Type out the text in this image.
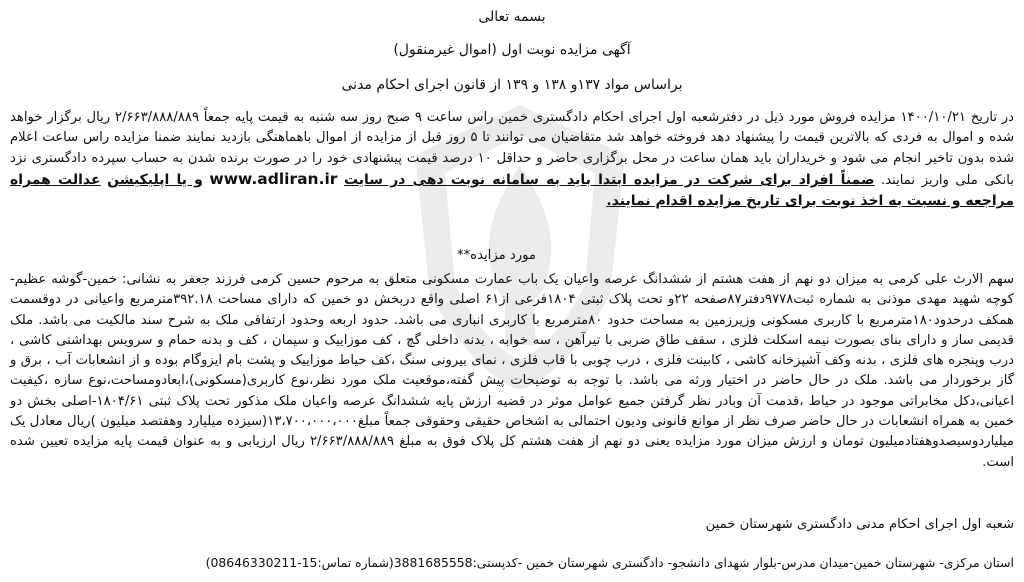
بسمه تعالی
آگهی مزایده نوبت اول (اموال غیرمنقول)
براساس مواد ۱۳۷و ۱۳۸ و ۱۳۹ از قانون اجرای احکام مدنی
در تاریخ ۱۴۰۰/۱۰/۲۱ مزایده فروش مورد ذیل در دفترشعبه اول اجرای احکام دادگستری خمین راس ساعت ۹ صبح روز سه شنبه به قیمت پایه جمعاً ۲/۶۶۳/۸۸۸/۸۸۹ ریال برگزار خواهد شده و اموال به فردی که بالاترین قیمت را پیشنهاد دهد فروخته خواهد شد متقاضیان می توانند تا ۵ روز قبل از مزایده از اموال باهماهنگی بازدید نمایند ضمنا مزایده راس ساعت اعلام شده بدون تاخیر انجام می شود و خریداران باید همان ساعت در محل برگزاری حاضر و حداقل ۱۰ درصد قیمت پیشنهادی خود را در صورت برنده شدن به حساب سپرده دادگستری نزد بانکی ملی واریز نمایند. ضمناً افراد برای شرکت در مزایده ابتدا باید به سامانه نوبت دهی در سایت www.adliran.ir و یا اپلیکیشن عدالت همراه مراجعه و نسبت به اخذ نوبت برای تاریخ مزایده اقدام نمایند.
مورد مزایده**
سهم الارث علی کرمی به میزان دو نهم از هفت هشتم از ششدانگ عرصه واعیان یک باب عمارت مسکونی متعلق به مرحوم حسین کرمی فرزند جعفر به نشانی: خمین-گوشه عظیم-کوچه شهید مهدی موذنی به شماره ثبت۹۷۷۸دفتر۸۷صفحه ۲۲و تحت پلاک ثبتی ۱۸۰۴فرعی از۶۱ اصلی واقع دربخش دو خمین که دارای مساحت ۳۹۲.۱۸مترمربع واعیانی در دوقسمت همکف درحدود۱۸۰مترمربع با کاربری مسکونی وزیرزمین به مساحت حدود ۸۰مترمربع با کاربری انباری می باشد. حدود اربعه وحدود ارتفاقی ملک به شرح سند مالکیت می باشد. ملک قدیمی ساز و دارای بنای بصورت نیمه اسکلت فلزی ، سقف طاق ضربی با تیرآهن ، سه خوابه ، بدنه داخلی گچ ، کف موزاییک و سیمان ، کف و بدنه حمام و سرویس بهداشتی کاشی ، درب وپنجره های فلزی ، بدنه وکف آشپزخانه کاشی ، کابینت فلزی ، درب چوبی با قاب فلزی ، نمای بیرونی سنگ ،کف حیاط موزاییک و پشت بام ایزوگام بوده و از انشعابات آب ، برق و گاز برخوردار می باشد. ملک در حال حاضر در اختیار ورثه می باشد. با توجه به توضیحات پیش گفته،موقعیت ملک مورد نظر،نوع کاربری(مسکونی)،ابعادومساحت،نوع سازه ،کیفیت اعیانی،دکل مخابراتی موجود در حیاط ،قدمت آن وبادر نظر گرفتن جمیع عوامل موثر در قضیه ارزش پایه ششدانگ عرصه واعیان ملک مذکور تحت پلاک ثبتی ۱۸۰۴/۶۱-اصلی بخش دو خمین به همراه انشعابات در حال حاضر صرف نظر از موانع قانونی ودیون احتمالی به اشخاص حقیقی وحقوقی جمعاً مبلغ۱۳،۷۰۰،۰۰۰،۰۰۰(سیزده میلیارد وهفتصد میلیون )ریال معادل یک میلیاردوسیصدوهفتادمیلیون تومان و ارزش میزان مورد مزایده یعنی دو نهم از هفت هشتم کل پلاک فوق به مبلغ ۲/۶۶۳/۸۸۸/۸۸۹ ریال ارزیابی و به عنوان قیمت پایه مزایده تعیین شده است.
شعبه اول اجرای احکام مدنی دادگستری شهرستان خمین
استان مرکزی- شهرستان خمین-میدان مدرس-بلوار شهدای دانشجو- دادگستری شهرستان خمین -کدپستی:3881685558(شماره تماس:15-08646330211)
